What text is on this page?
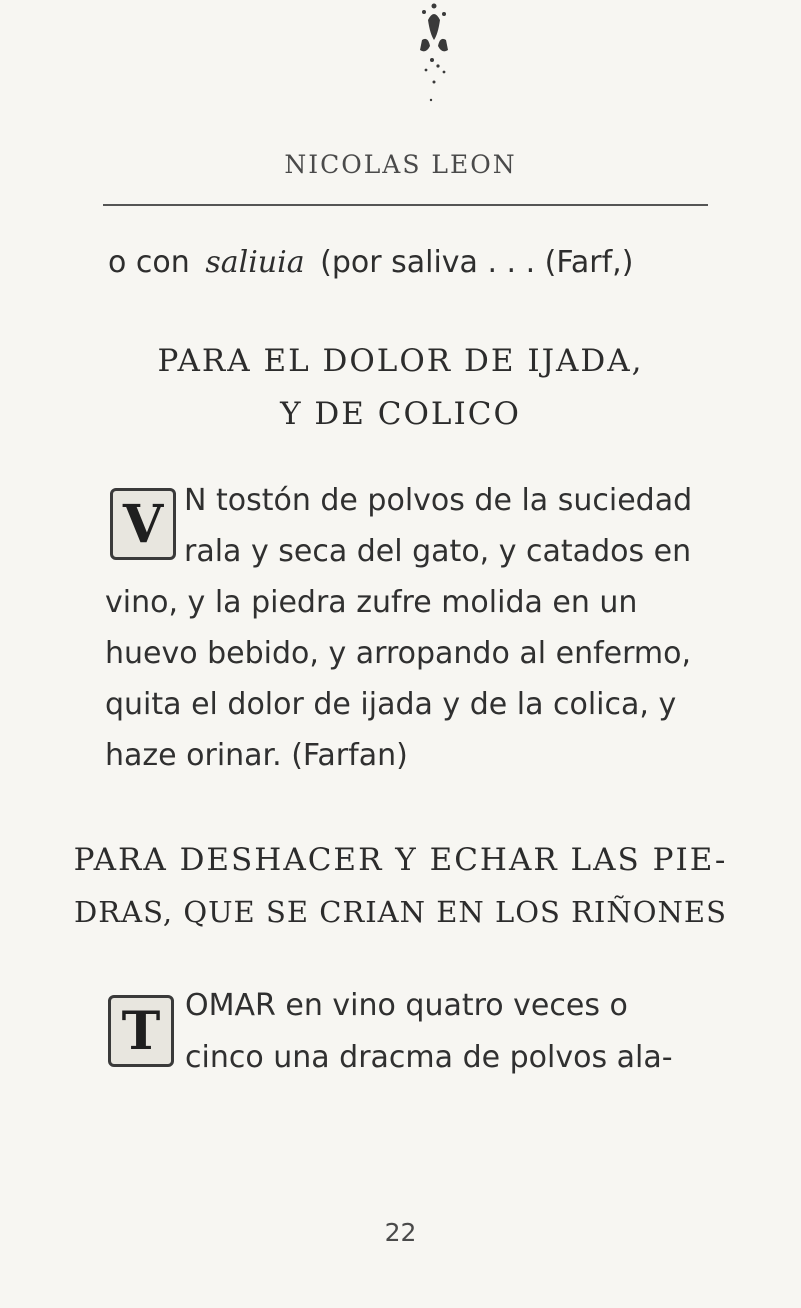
NICOLAS LEON
o con saliuia (por saliva . . . (Farf,)
PARA EL DOLOR DE IJADA,
Y DE COLICO
V N tostón de polvos de la suciedad
rala y seca del gato, y catados en
vino, y la piedra zufre molida en un
huevo bebido, y arropando al enfermo,
quita el dolor de ijada y de la colica, y
haze orinar. (Farfan)
PARA DESHACER Y ECHAR LAS PIE-
DRAS, QUE SE CRIAN EN LOS RIÑONES
T OMAR en vino quatro veces o
cinco una dracma de polvos ala-
22
